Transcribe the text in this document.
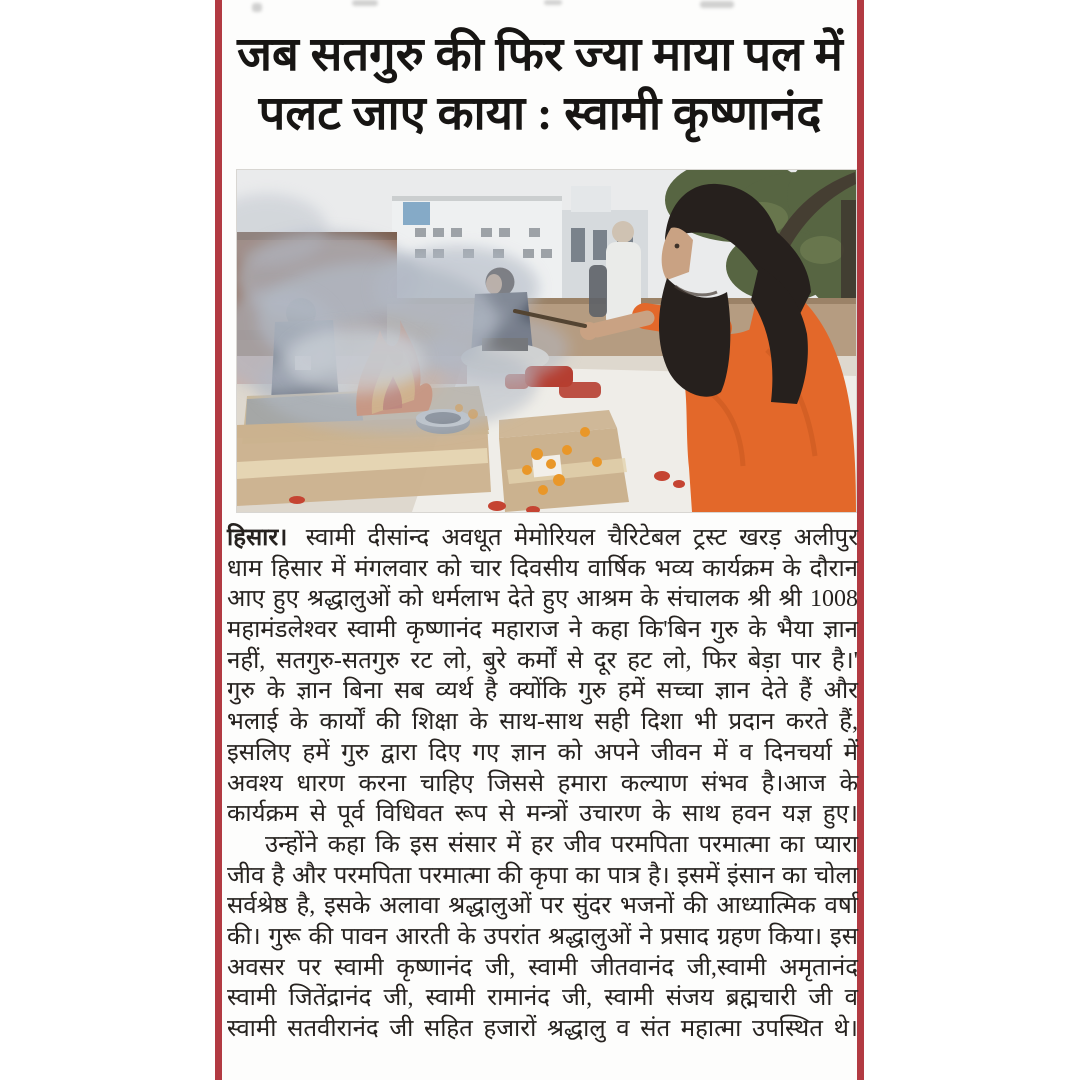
जब सतगुरु की फिर ज्या माया पल में
पलट जाए काया : स्वामी कृष्णानंद
हिसार। स्वामी दीसांन्द अवधूत मेमोरियल चैरिटेबल ट्रस्ट खरड़ अलीपुर
धाम हिसार में मंगलवार को चार दिवसीय वार्षिक भव्य कार्यक्रम के दौरान
आए हुए श्रद्धालुओं को धर्मलाभ देते हुए आश्रम के संचालक श्री श्री 1008
महामंडलेश्वर स्वामी कृष्णानंद महाराज ने कहा कि'बिन गुरु के भैया ज्ञान
नहीं, सतगुरु-सतगुरु रट लो, बुरे कर्मों से दूर हट लो, फिर बेड़ा पार है।'
गुरु के ज्ञान बिना सब व्यर्थ है क्योंकि गुरु हमें सच्चा ज्ञान देते हैं और
भलाई के कार्यों की शिक्षा के साथ-साथ सही दिशा भी प्रदान करते हैं,
इसलिए हमें गुरु द्वारा दिए गए ज्ञान को अपने जीवन में व दिनचर्या में
अवश्य धारण करना चाहिए जिससे हमारा कल्याण संभव है।आज के
कार्यक्रम से पूर्व विधिवत रूप से मन्त्रों उचारण के साथ हवन यज्ञ हुए।
उन्होंने कहा कि इस संसार में हर जीव परमपिता परमात्मा का प्यारा
जीव है और परमपिता परमात्मा की कृपा का पात्र है। इसमें इंसान का चोला
सर्वश्रेष्ठ है, इसके अलावा श्रद्धालुओं पर सुंदर भजनों की आध्यात्मिक वर्षा
की। गुरू की पावन आरती के उपरांत श्रद्धालुओं ने प्रसाद ग्रहण किया। इस
अवसर पर स्वामी कृष्णानंद जी, स्वामी जीतवानंद जी,स्वामी अमृतानंद
स्वामी जितेंद्रानंद जी, स्वामी रामानंद जी, स्वामी संजय ब्रह्मचारी जी व
स्वामी सतवीरानंद जी सहित हजारों श्रद्धालु व संत महात्मा उपस्थित थे।
